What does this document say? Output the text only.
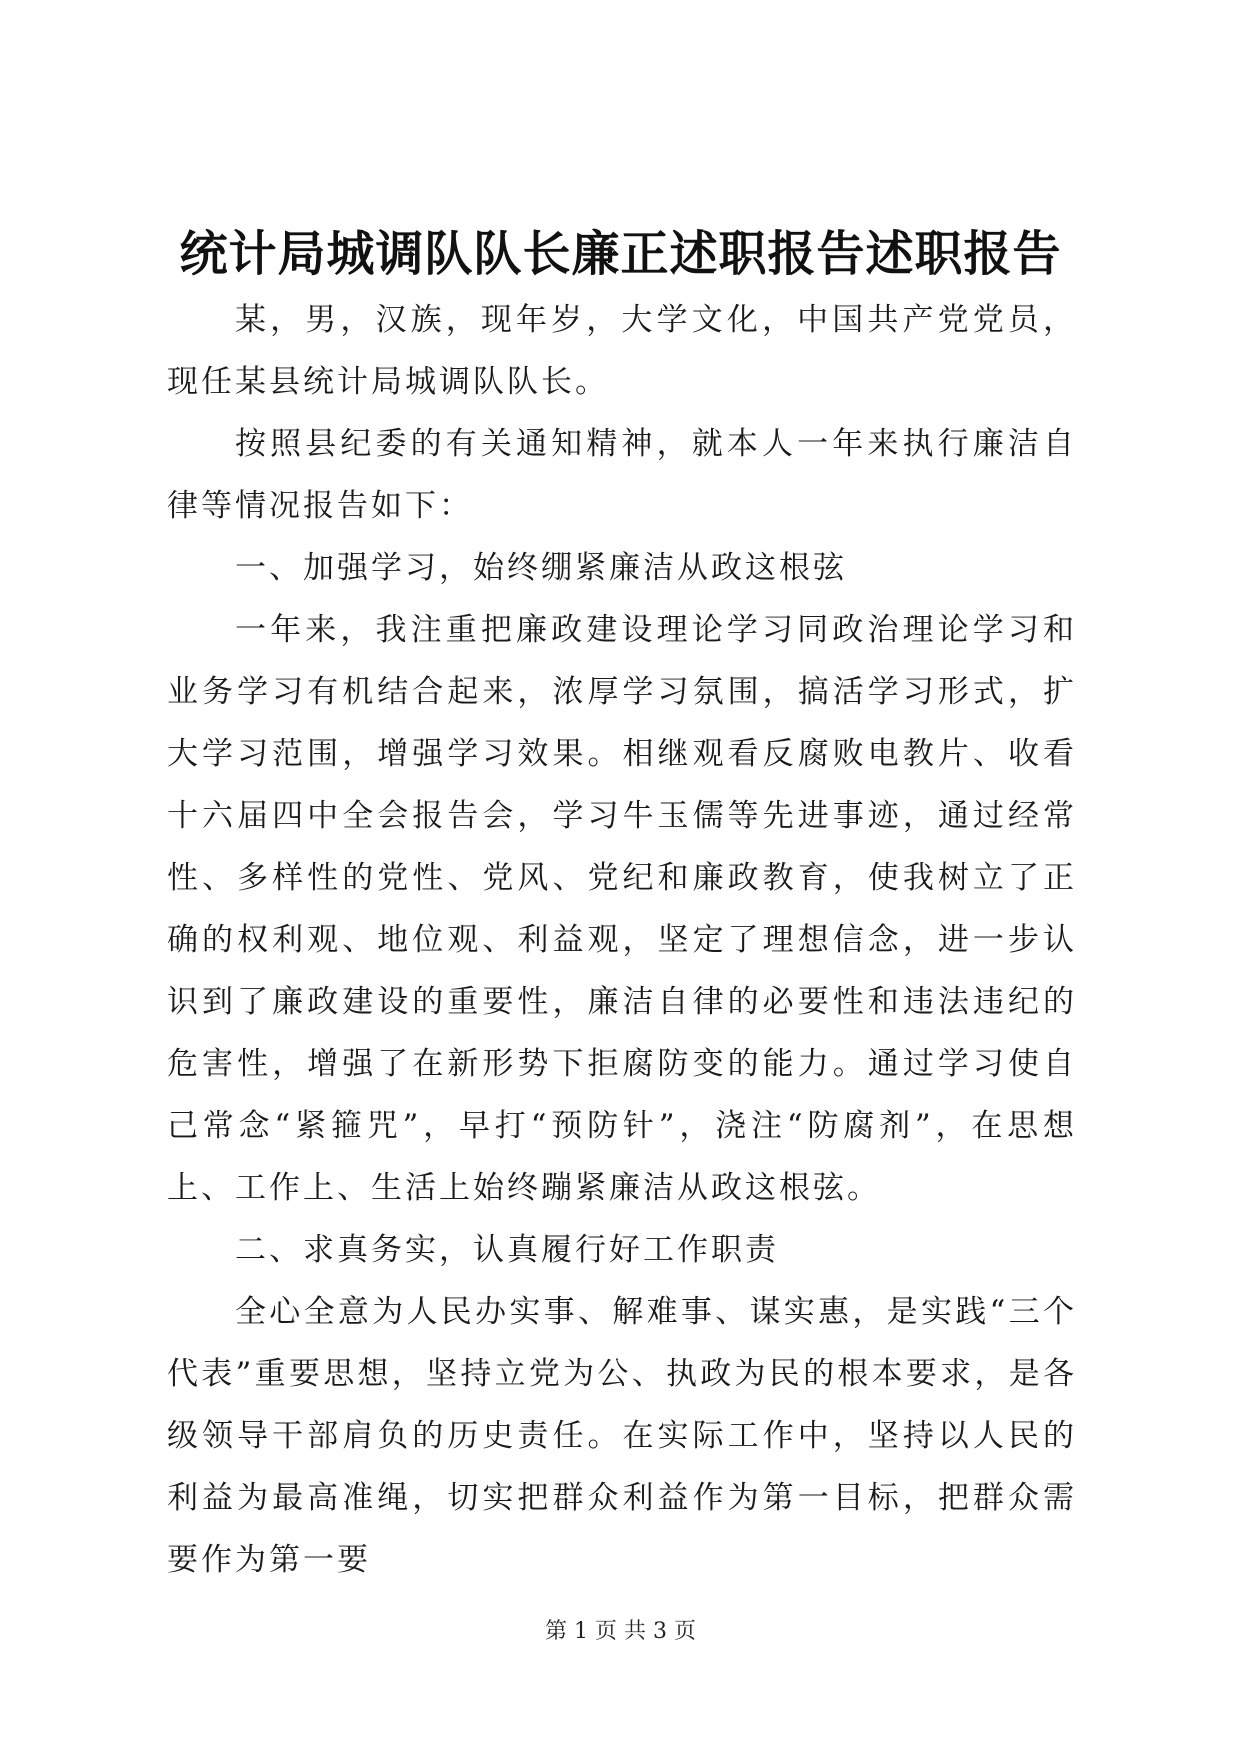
统计局城调队队长廉正述职报告述职报告

某，男，汉族，现年岁，大学文化，中国共产党党员，现任某县统计局城调队队长。

按照县纪委的有关通知精神，就本人一年来执行廉洁自律等情况报告如下：

一、加强学习，始终绷紧廉洁从政这根弦

一年来，我注重把廉政建设理论学习同政治理论学习和业务学习有机结合起来，浓厚学习氛围，搞活学习形式，扩大学习范围，增强学习效果。相继观看反腐败电教片、收看十六届四中全会报告会，学习牛玉儒等先进事迹，通过经常性、多样性的党性、党风、党纪和廉政教育，使我树立了正确的权利观、地位观、利益观，坚定了理想信念，进一步认识到了廉政建设的重要性，廉洁自律的必要性和违法违纪的危害性，增强了在新形势下拒腐防变的能力。通过学习使自己常念“紧箍咒”，早打“预防针”，浇注“防腐剂”，在思想上、工作上、生活上始终蹦紧廉洁从政这根弦。

二、求真务实，认真履行好工作职责

全心全意为人民办实事、解难事、谋实惠，是实践“三个代表”重要思想，坚持立党为公、执政为民的根本要求，是各级领导干部肩负的历史责任。在实际工作中，坚持以人民的利益为最高准绳，切实把群众利益作为第一目标，把群众需要作为第一要

第 1 页 共 3 页
